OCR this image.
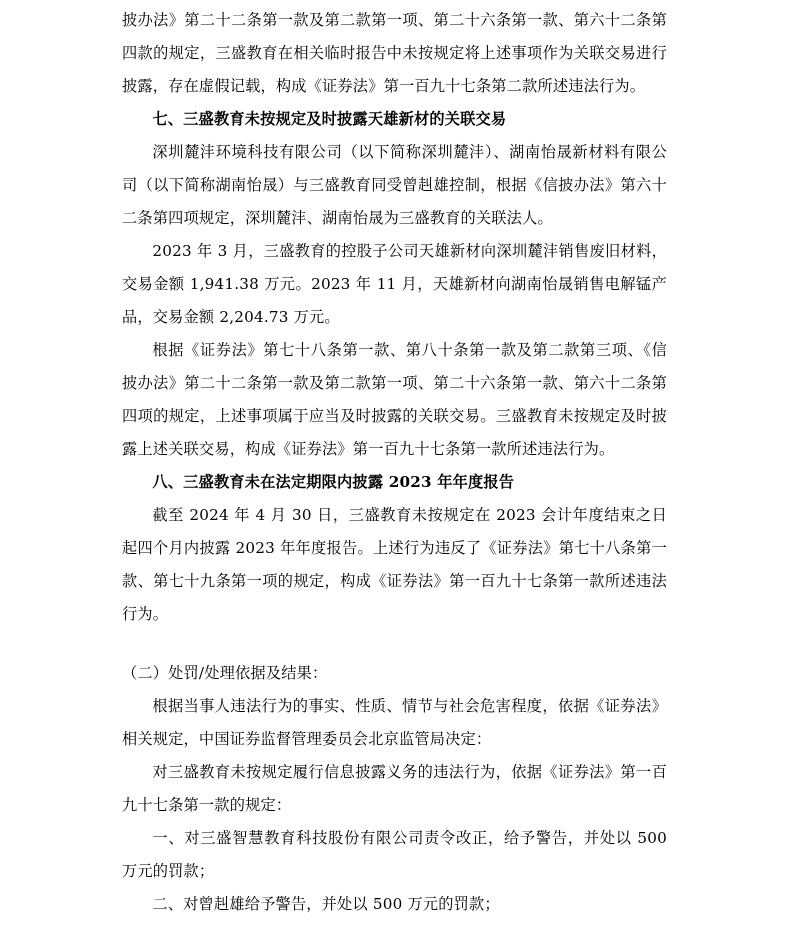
披办法》第二十二条第一款及第二款第一项、第二十六条第一款、第六十二条第四款的规定，三盛教育在相关临时报告中未按规定将上述事项作为关联交易进行披露，存在虚假记载，构成《证券法》第一百九十七条第二款所述违法行为。

七、三盛教育未按规定及时披露天雄新材的关联交易

深圳麓沣环境科技有限公司（以下简称深圳麓沣）、湖南怡晟新材料有限公司（以下简称湖南怡晟）与三盛教育同受曾赳雄控制，根据《信披办法》第六十二条第四项规定，深圳麓沣、湖南怡晟为三盛教育的关联法人。

2023 年 3 月，三盛教育的控股子公司天雄新材向深圳麓沣销售废旧材料，交易金额 1,941.38 万元。2023 年 11 月，天雄新材向湖南怡晟销售电解锰产品，交易金额 2,204.73 万元。

根据《证券法》第七十八条第一款、第八十条第一款及第二款第三项、《信披办法》第二十二条第一款及第二款第一项、第二十六条第一款、第六十二条第四项的规定，上述事项属于应当及时披露的关联交易。三盛教育未按规定及时披露上述关联交易，构成《证券法》第一百九十七条第一款所述违法行为。

八、三盛教育未在法定期限内披露 2023 年年度报告

截至 2024 年 4 月 30 日，三盛教育未按规定在 2023 会计年度结束之日起四个月内披露 2023 年年度报告。上述行为违反了《证券法》第七十八条第一款、第七十九条第一项的规定，构成《证券法》第一百九十七条第一款所述违法行为。

（二）处罚/处理依据及结果：

根据当事人违法行为的事实、性质、情节与社会危害程度，依据《证券法》相关规定，中国证券监督管理委员会北京监管局决定：

对三盛教育未按规定履行信息披露义务的违法行为，依据《证券法》第一百九十七条第一款的规定：

一、对三盛智慧教育科技股份有限公司责令改正，给予警告，并处以 500 万元的罚款；

二、对曾赳雄给予警告，并处以 500 万元的罚款；
